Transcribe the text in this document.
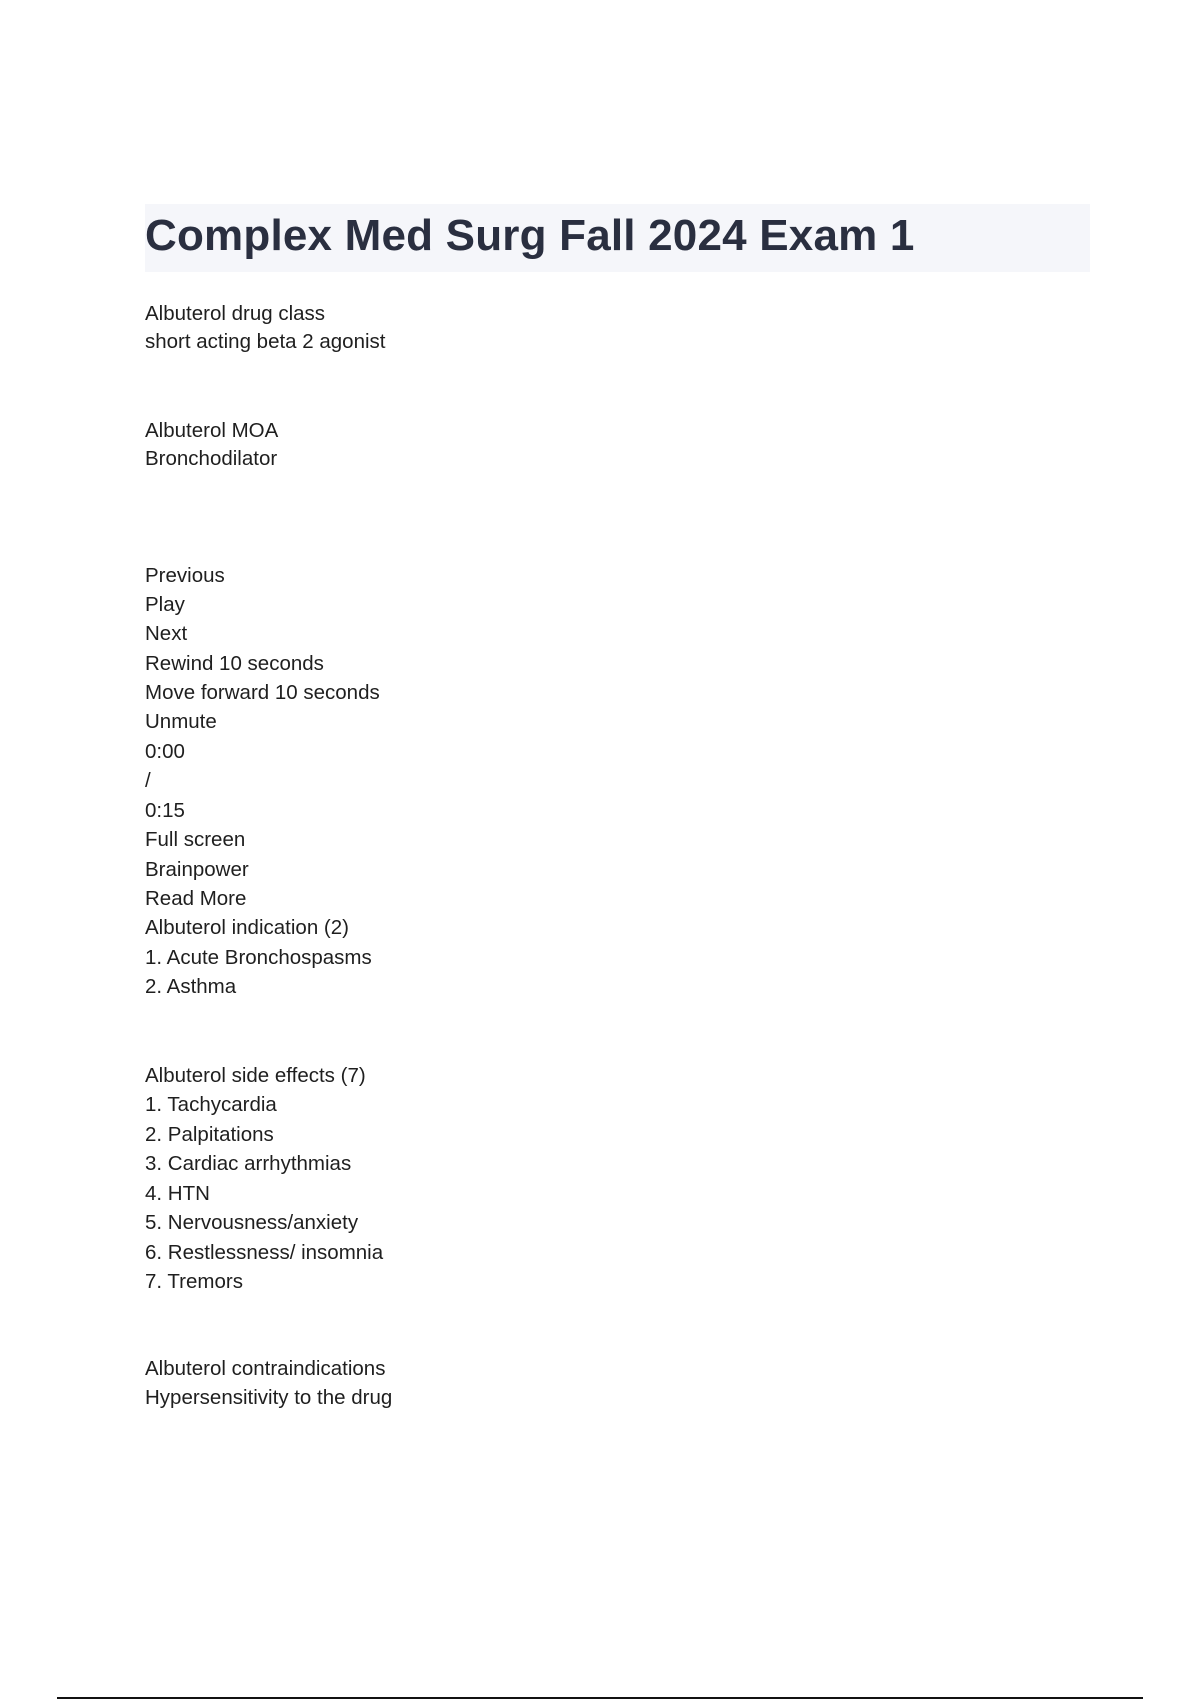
Complex Med Surg Fall 2024 Exam 1

Albuterol drug class

short acting beta 2 agonist

Albuterol MOA

Bronchodilator

Previous

Play

Next

Rewind 10 seconds

Move forward 10 seconds

Unmute

0:00

/

0:15

Full screen

Brainpower

Read More

Albuterol indication (2)

1. Acute Bronchospasms

2. Asthma

Albuterol side effects (7)

1. Tachycardia

2. Palpitations

3. Cardiac arrhythmias

4. HTN

5. Nervousness/anxiety

6. Restlessness/ insomnia

7. Tremors

Albuterol contraindications

Hypersensitivity to the drug
